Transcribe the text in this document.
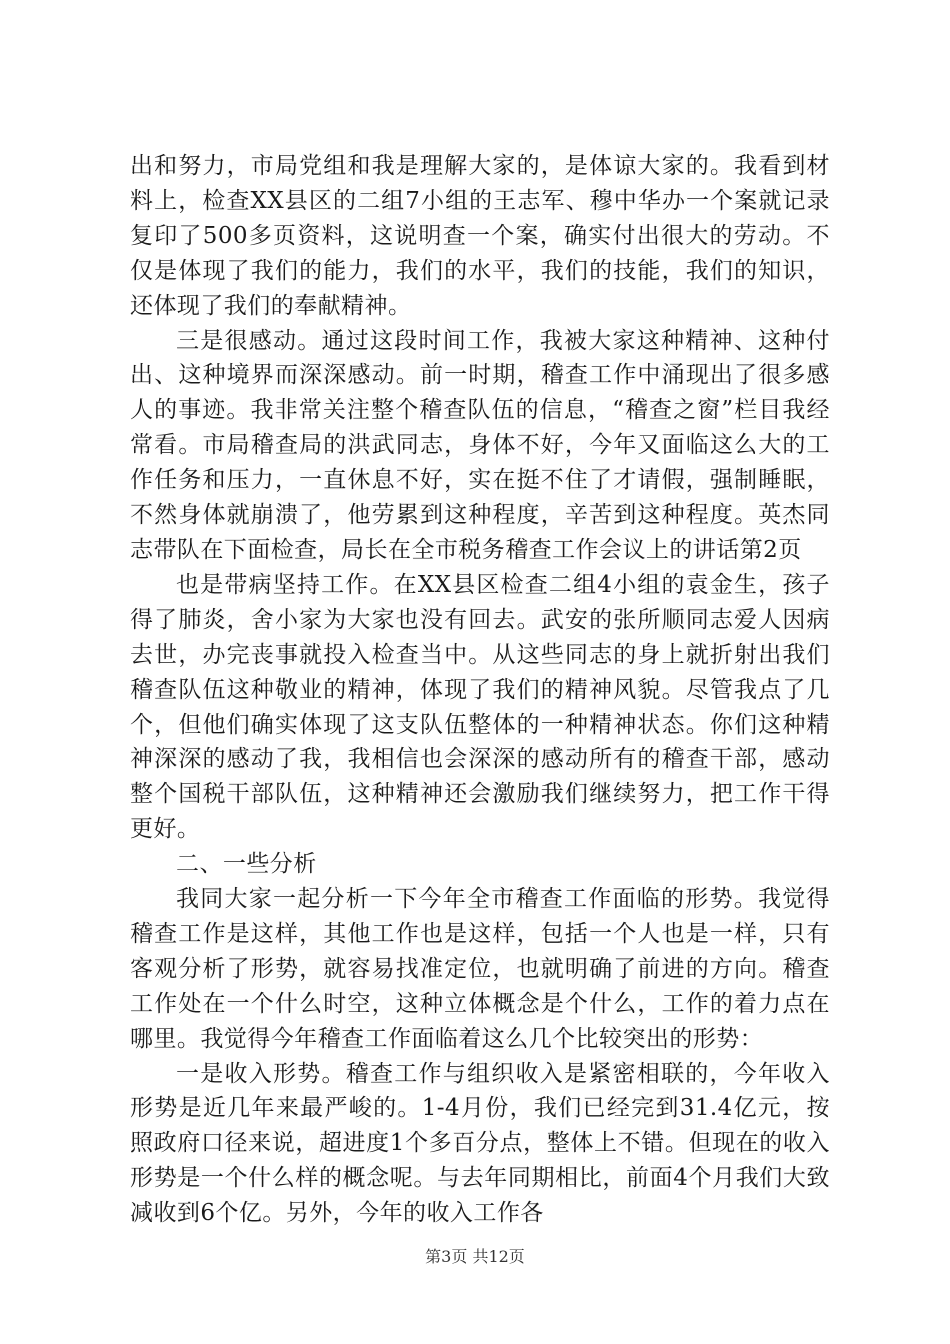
出和努力，市局党组和我是理解大家的，是体谅大家的。我看到材料上，检查XX县区的二组7小组的王志军、穆中华办一个案就记录复印了500多页资料，这说明查一个案，确实付出很大的劳动。不仅是体现了我们的能力，我们的水平，我们的技能，我们的知识，还体现了我们的奉献精神。

三是很感动。通过这段时间工作，我被大家这种精神、这种付出、这种境界而深深感动。前一时期，稽查工作中涌现出了很多感人的事迹。我非常关注整个稽查队伍的信息，“稽查之窗”栏目我经常看。市局稽查局的洪武同志，身体不好，今年又面临这么大的工作任务和压力，一直休息不好，实在挺不住了才请假，强制睡眠，不然身体就崩溃了，他劳累到这种程度，辛苦到这种程度。英杰同志带队在下面检查，局长在全市税务稽查工作会议上的讲话第2页

也是带病坚持工作。在XX县区检查二组4小组的袁金生，孩子得了肺炎，舍小家为大家也没有回去。武安的张所顺同志爱人因病去世，办完丧事就投入检查当中。从这些同志的身上就折射出我们稽查队伍这种敬业的精神，体现了我们的精神风貌。尽管我点了几个，但他们确实体现了这支队伍整体的一种精神状态。你们这种精神深深的感动了我，我相信也会深深的感动所有的稽查干部，感动整个国税干部队伍，这种精神还会激励我们继续努力，把工作干得更好。

二、一些分析

我同大家一起分析一下今年全市稽查工作面临的形势。我觉得稽查工作是这样，其他工作也是这样，包括一个人也是一样，只有客观分析了形势，就容易找准定位，也就明确了前进的方向。稽查工作处在一个什么时空，这种立体概念是个什么，工作的着力点在哪里。我觉得今年稽查工作面临着这么几个比较突出的形势：

一是收入形势。稽查工作与组织收入是紧密相联的，今年收入形势是近几年来最严峻的。1-4月份，我们已经完到31.4亿元，按照政府口径来说，超进度1个多百分点，整体上不错。但现在的收入形势是一个什么样的概念呢。与去年同期相比，前面4个月我们大致减收到6个亿。另外，今年的收入工作各

第3页 共12页
